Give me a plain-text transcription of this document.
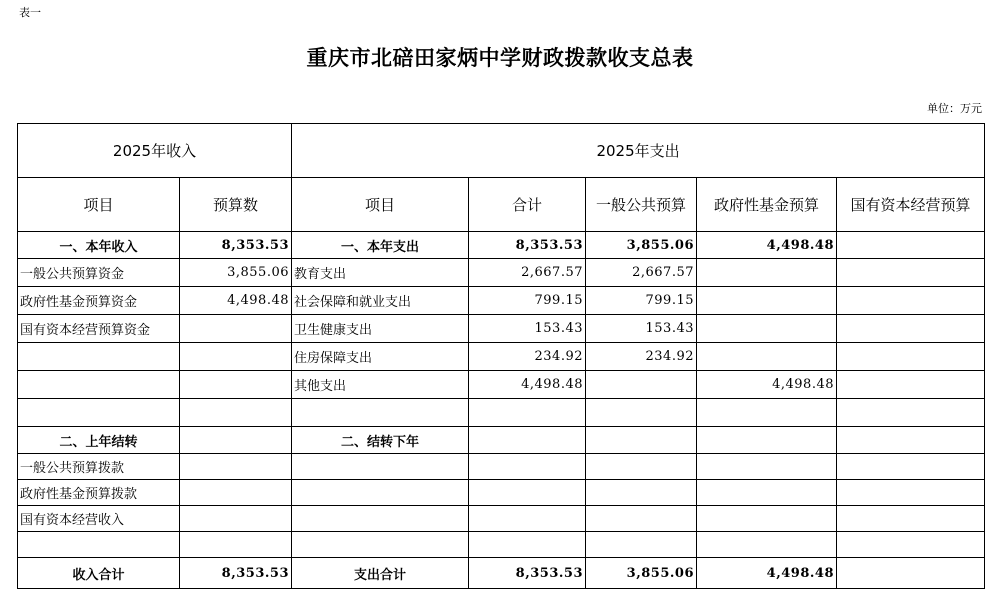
表一
重庆市北碚田家炳中学财政拨款收支总表
单位：万元
2025年收入		2025年支出				
项目	预算数	项目	合计	一般公共预算	政府性基金预算	国有资本经营预算
一、本年收入	8,353.53	一、本年支出	8,353.53	3,855.06	4,498.48	
一般公共预算资金	3,855.06	教育支出	2,667.57	2,667.57		
政府性基金预算资金	4,498.48	社会保障和就业支出	799.15	799.15		
国有资本经营预算资金		卫生健康支出	153.43	153.43		
		住房保障支出	234.92	234.92		
		其他支出	4,498.48		4,498.48	

二、上年结转		二、结转下年				
一般公共预算拨款						
政府性基金预算拨款						
国有资本经营收入						

收入合计	8,353.53	支出合计	8,353.53	3,855.06	4,498.48	
